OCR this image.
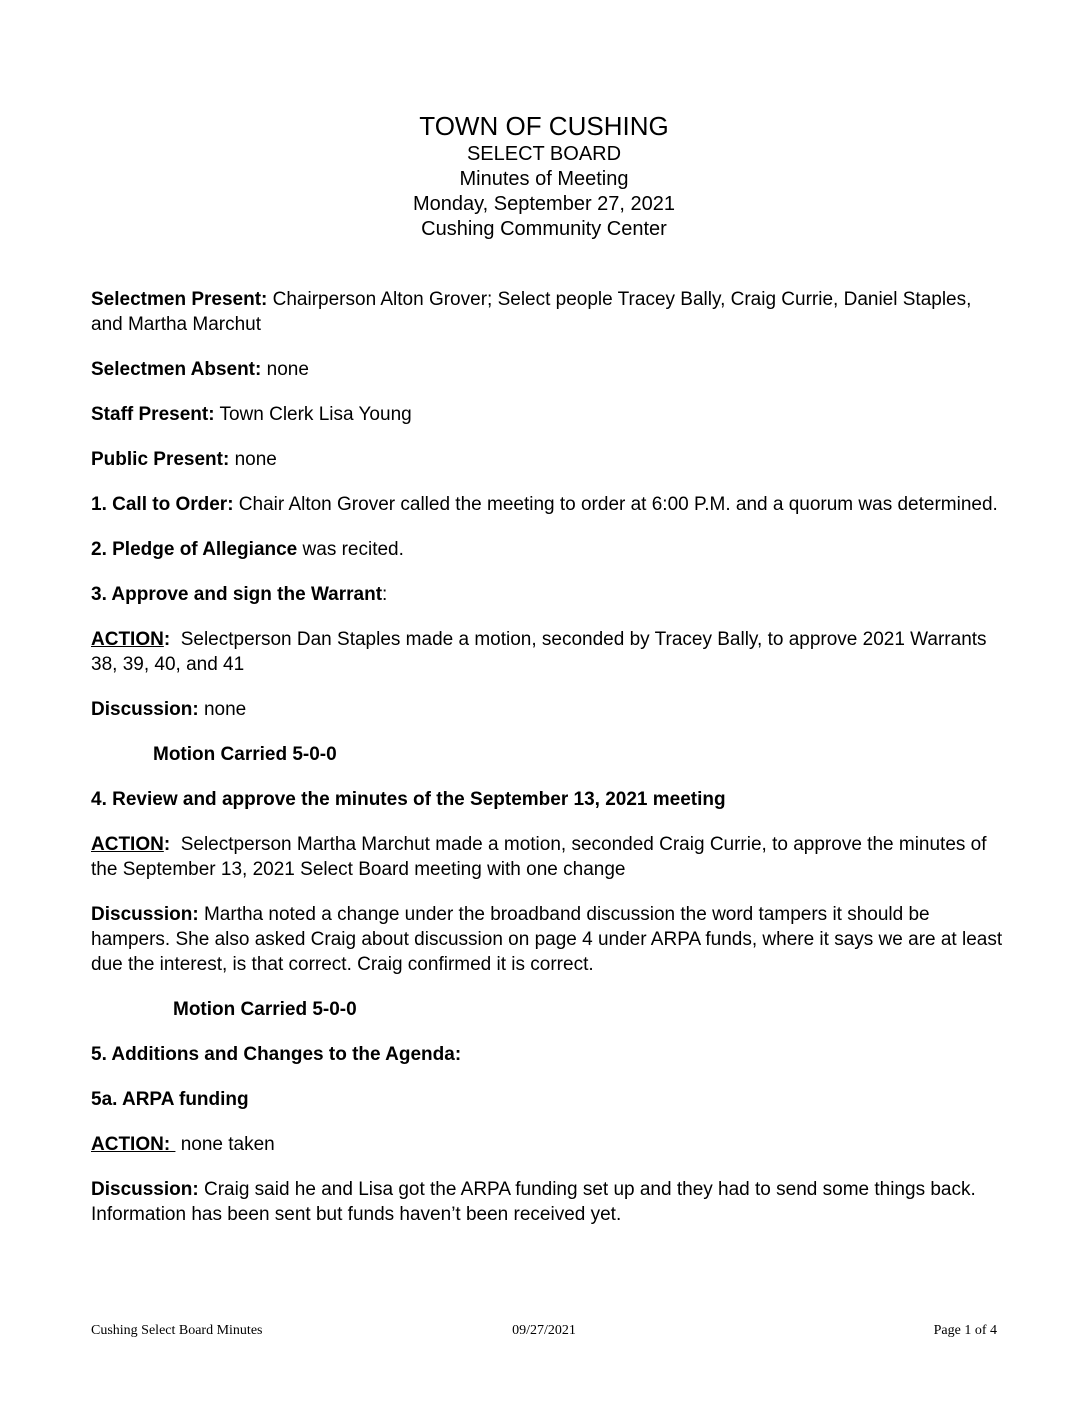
TOWN OF CUSHING
SELECT BOARD
Minutes of Meeting
Monday, September 27, 2021
Cushing Community Center

Selectmen Present: Chairperson Alton Grover; Select people Tracey Bally, Craig Currie, Daniel Staples, and Martha Marchut

Selectmen Absent: none

Staff Present: Town Clerk Lisa Young

Public Present: none

1. Call to Order: Chair Alton Grover called the meeting to order at 6:00 P.M. and a quorum was determined.

2. Pledge of Allegiance was recited.

3. Approve and sign the Warrant:

ACTION:  Selectperson Dan Staples made a motion, seconded by Tracey Bally, to approve 2021 Warrants 38, 39, 40, and 41

Discussion: none

Motion Carried 5-0-0

4. Review and approve the minutes of the September 13, 2021 meeting

ACTION:  Selectperson Martha Marchut made a motion, seconded Craig Currie, to approve the minutes of the September 13, 2021 Select Board meeting with one change

Discussion: Martha noted a change under the broadband discussion the word tampers it should be hampers. She also asked Craig about discussion on page 4 under ARPA funds, where it says we are at least due the interest, is that correct. Craig confirmed it is correct.

Motion Carried 5-0-0

5. Additions and Changes to the Agenda:

5a. ARPA funding

ACTION:  none taken

Discussion: Craig said he and Lisa got the ARPA funding set up and they had to send some things back. Information has been sent but funds haven’t been received yet.

Cushing Select Board Minutes	09/27/2021	Page 1 of 4
